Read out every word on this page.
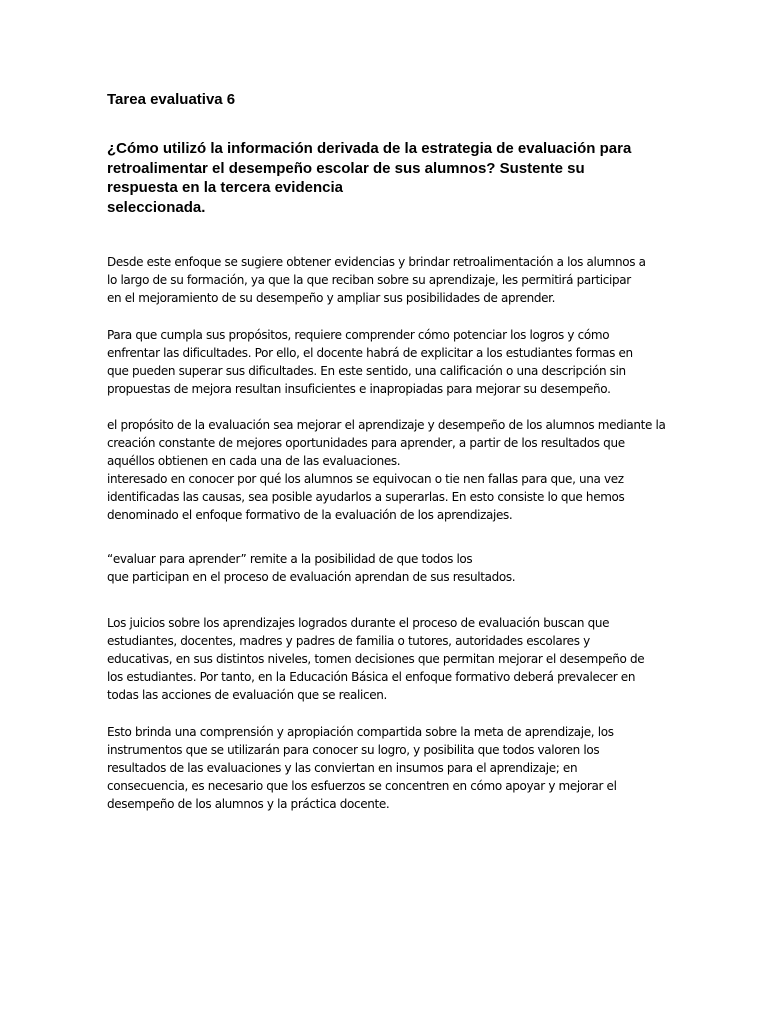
Tarea evaluativa 6

¿Cómo utilizó la información derivada de la estrategia de evaluación para
retroalimentar el desempeño escolar de sus alumnos? Sustente su
respuesta en la tercera evidencia
seleccionada.

Desde este enfoque se sugiere obtener evidencias y brindar retroalimentación a los alumnos a
lo largo de su formación, ya que la que reciban sobre su aprendizaje, les permitirá participar
en el mejoramiento de su desempeño y ampliar sus posibilidades de aprender.

Para que cumpla sus propósitos, requiere comprender cómo potenciar los logros y cómo
enfrentar las dificultades. Por ello, el docente habrá de explicitar a los estudiantes formas en
que pueden superar sus dificultades. En este sentido, una calificación o una descripción sin
propuestas de mejora resultan insuficientes e inapropiadas para mejorar su desempeño.

el propósito de la evaluación sea mejorar el aprendizaje y desempeño de los alumnos mediante la
creación constante de mejores oportunidades para aprender, a partir de los resultados que
aquéllos obtienen en cada una de las evaluaciones.
interesado en conocer por qué los alumnos se equivocan o tie nen fallas para que, una vez
identificadas las causas, sea posible ayudarlos a superarlas. En esto consiste lo que hemos
denominado el enfoque formativo de la evaluación de los aprendizajes.

“evaluar para aprender” remite a la posibilidad de que todos los
que participan en el proceso de evaluación aprendan de sus resultados.

Los juicios sobre los aprendizajes logrados durante el proceso de evaluación buscan que
estudiantes, docentes, madres y padres de familia o tutores, autoridades escolares y
educativas, en sus distintos niveles, tomen decisiones que permitan mejorar el desempeño de
los estudiantes. Por tanto, en la Educación Básica el enfoque formativo deberá prevalecer en
todas las acciones de evaluación que se realicen.

Esto brinda una comprensión y apropiación compartida sobre la meta de aprendizaje, los
instrumentos que se utilizarán para conocer su logro, y posibilita que todos valoren los
resultados de las evaluaciones y las conviertan en insumos para el aprendizaje; en
consecuencia, es necesario que los esfuerzos se concentren en cómo apoyar y mejorar el
desempeño de los alumnos y la práctica docente.
